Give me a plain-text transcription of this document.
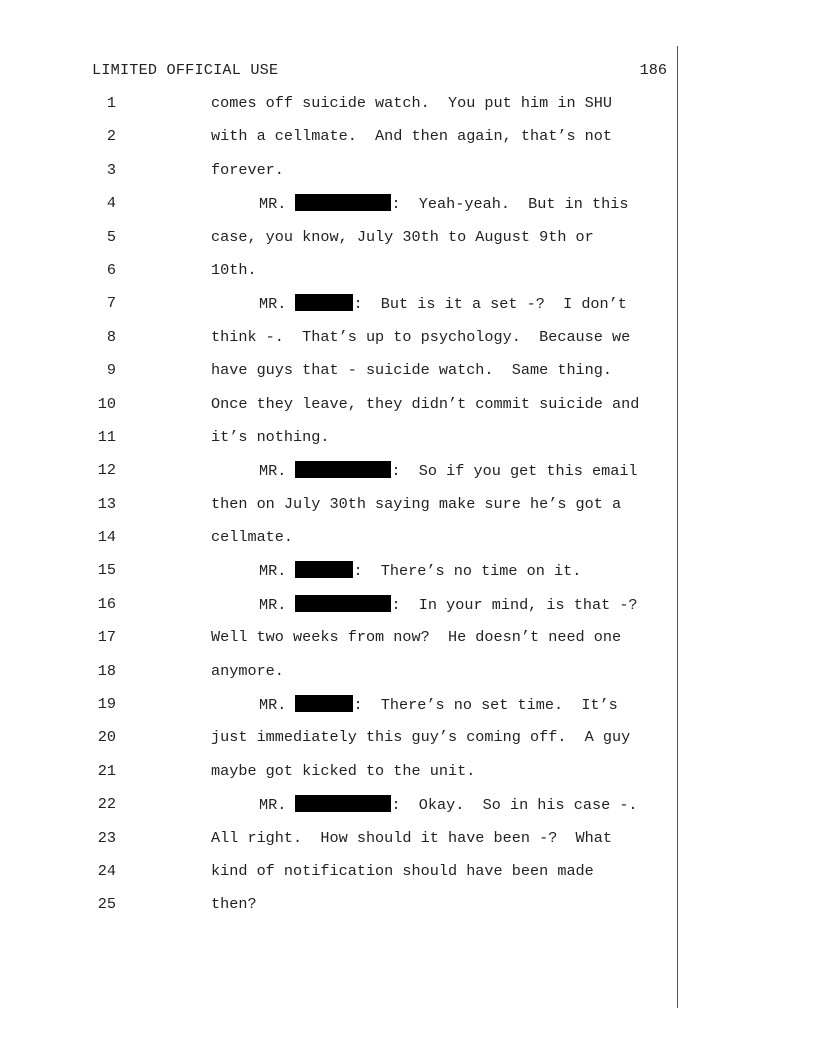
LIMITED OFFICIAL USE	186
1	comes off suicide watch.  You put him in SHU
2	with a cellmate.  And then again, that’s not
3	forever.
4	MR.	:  Yeah-yeah.  But in this
5	case, you know, July 30th to August 9th or
6	10th.
7	MR.	:  But is it a set -?  I don’t
8	think -.  That’s up to psychology.  Because we
9	have guys that - suicide watch.  Same thing.
10	Once they leave, they didn’t commit suicide and
11	it’s nothing.
12	MR.	:  So if you get this email
13	then on July 30th saying make sure he’s got a
14	cellmate.
15	MR.	:  There’s no time on it.
16	MR.	:  In your mind, is that -?
17	Well two weeks from now?  He doesn’t need one
18	anymore.
19	MR.	:  There’s no set time.  It’s
20	just immediately this guy’s coming off.  A guy
21	maybe got kicked to the unit.
22	MR.	:  Okay.  So in his case -.
23	All right.  How should it have been -?  What
24	kind of notification should have been made
25	then?
